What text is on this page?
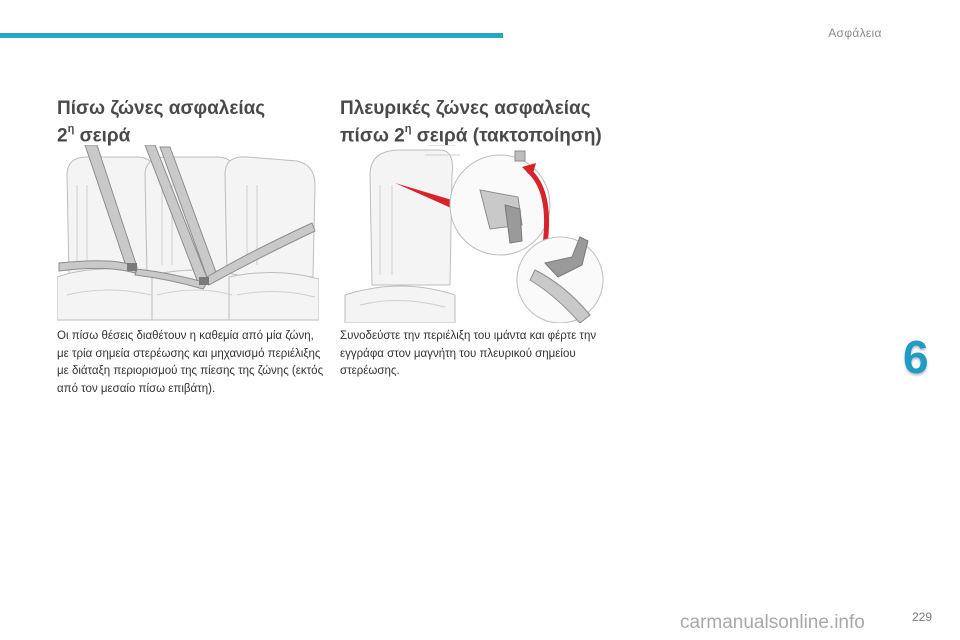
Ασφάλεια
Πίσω ζώνες ασφαλείας
$2^\eta$ σειρά
Οι πίσω θέσεις διαθέτουν η καθεμία από μία ζώνη, με τρία σημεία στερέωσης και μηχανισμό περιέλιξης με διάταξη περιορισμού της πίεσης της ζώνης (εκτός από τον μεσαίο πίσω επιβάτη).
Πλευρικές ζώνες ασφαλείας
πίσω $2^\eta$ σειρά (τακτοποίηση)
Συνοδεύστε την περιέλιξη του ιμάντα και φέρτε την εγγράφα στον μαγνήτη του πλευρικού σημείου στερέωσης.	6
carmanualsonline.info	229
